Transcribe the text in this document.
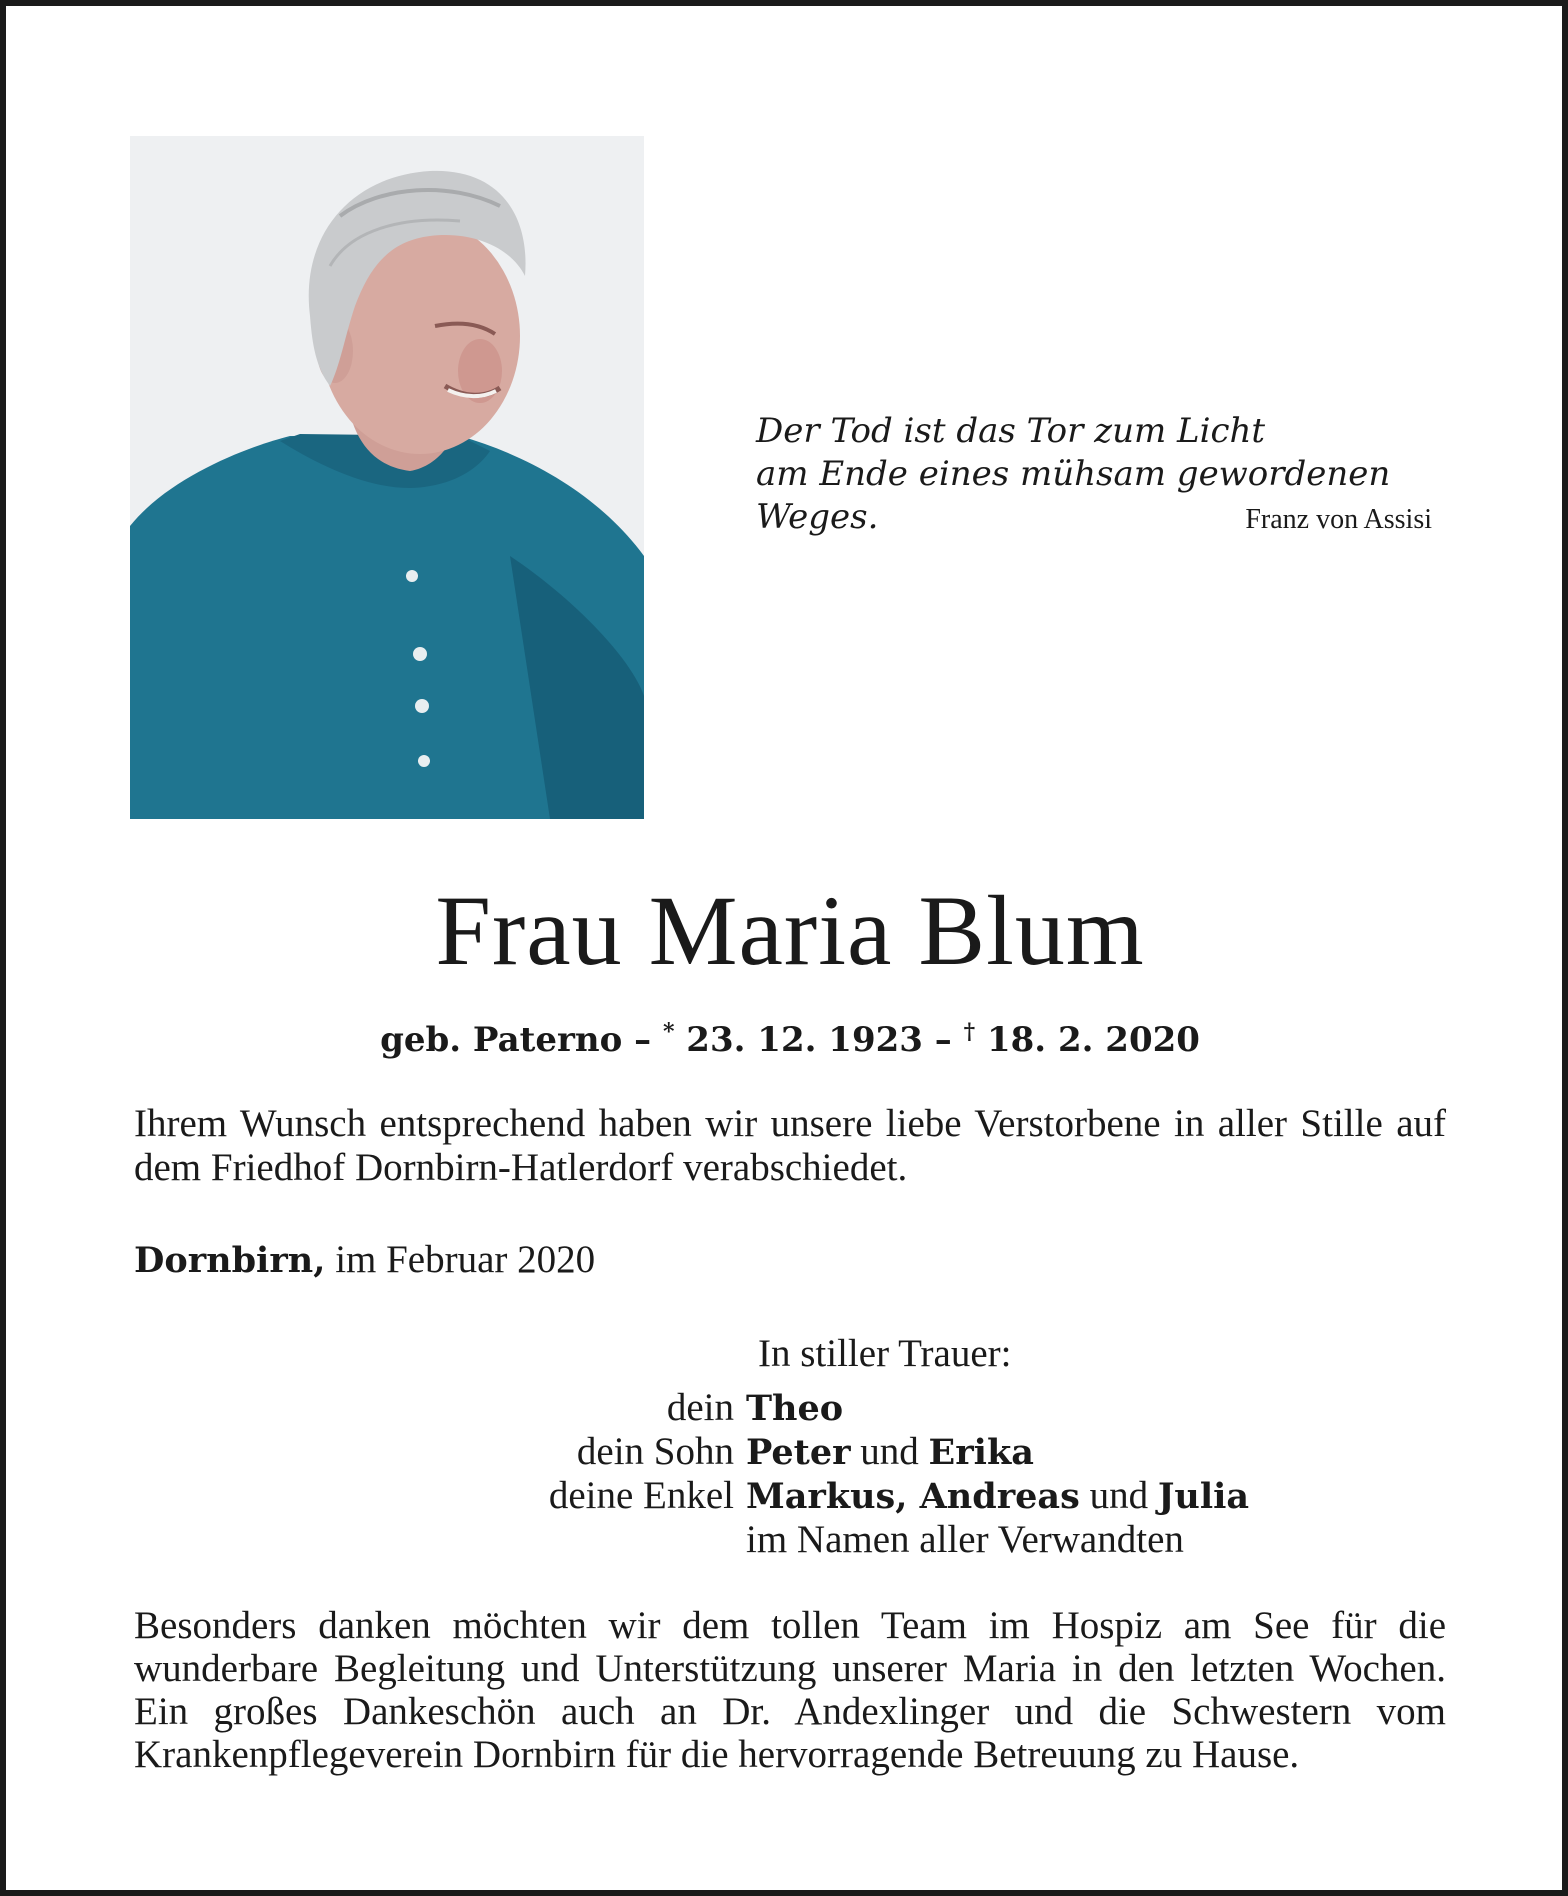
Der Tod ist das Tor zum Licht
am Ende eines mühsam gewordenen Weges.	Franz von Assisi
Frau Maria Blum
geb. Paterno – * 23. 12. 1923 – † 18. 2. 2020
Ihrem Wunsch entsprechend haben wir unsere liebe Verstorbene in aller Stille auf dem Friedhof Dornbirn-Hatlerdorf verabschiedet.
Dornbirn, im Februar 2020
In stiller Trauer:
dein Theo
dein Sohn Peter und Erika
deine Enkel Markus, Andreas und Julia
im Namen aller Verwandten
Besonders danken möchten wir dem tollen Team im Hospiz am See für die wunderbare Begleitung und Unterstützung unserer Maria in den letzten Wochen. Ein großes Dankeschön auch an Dr. Andexlinger und die Schwestern vom Krankenpflegeverein Dornbirn für die hervorragende Betreuung zu Hause.
